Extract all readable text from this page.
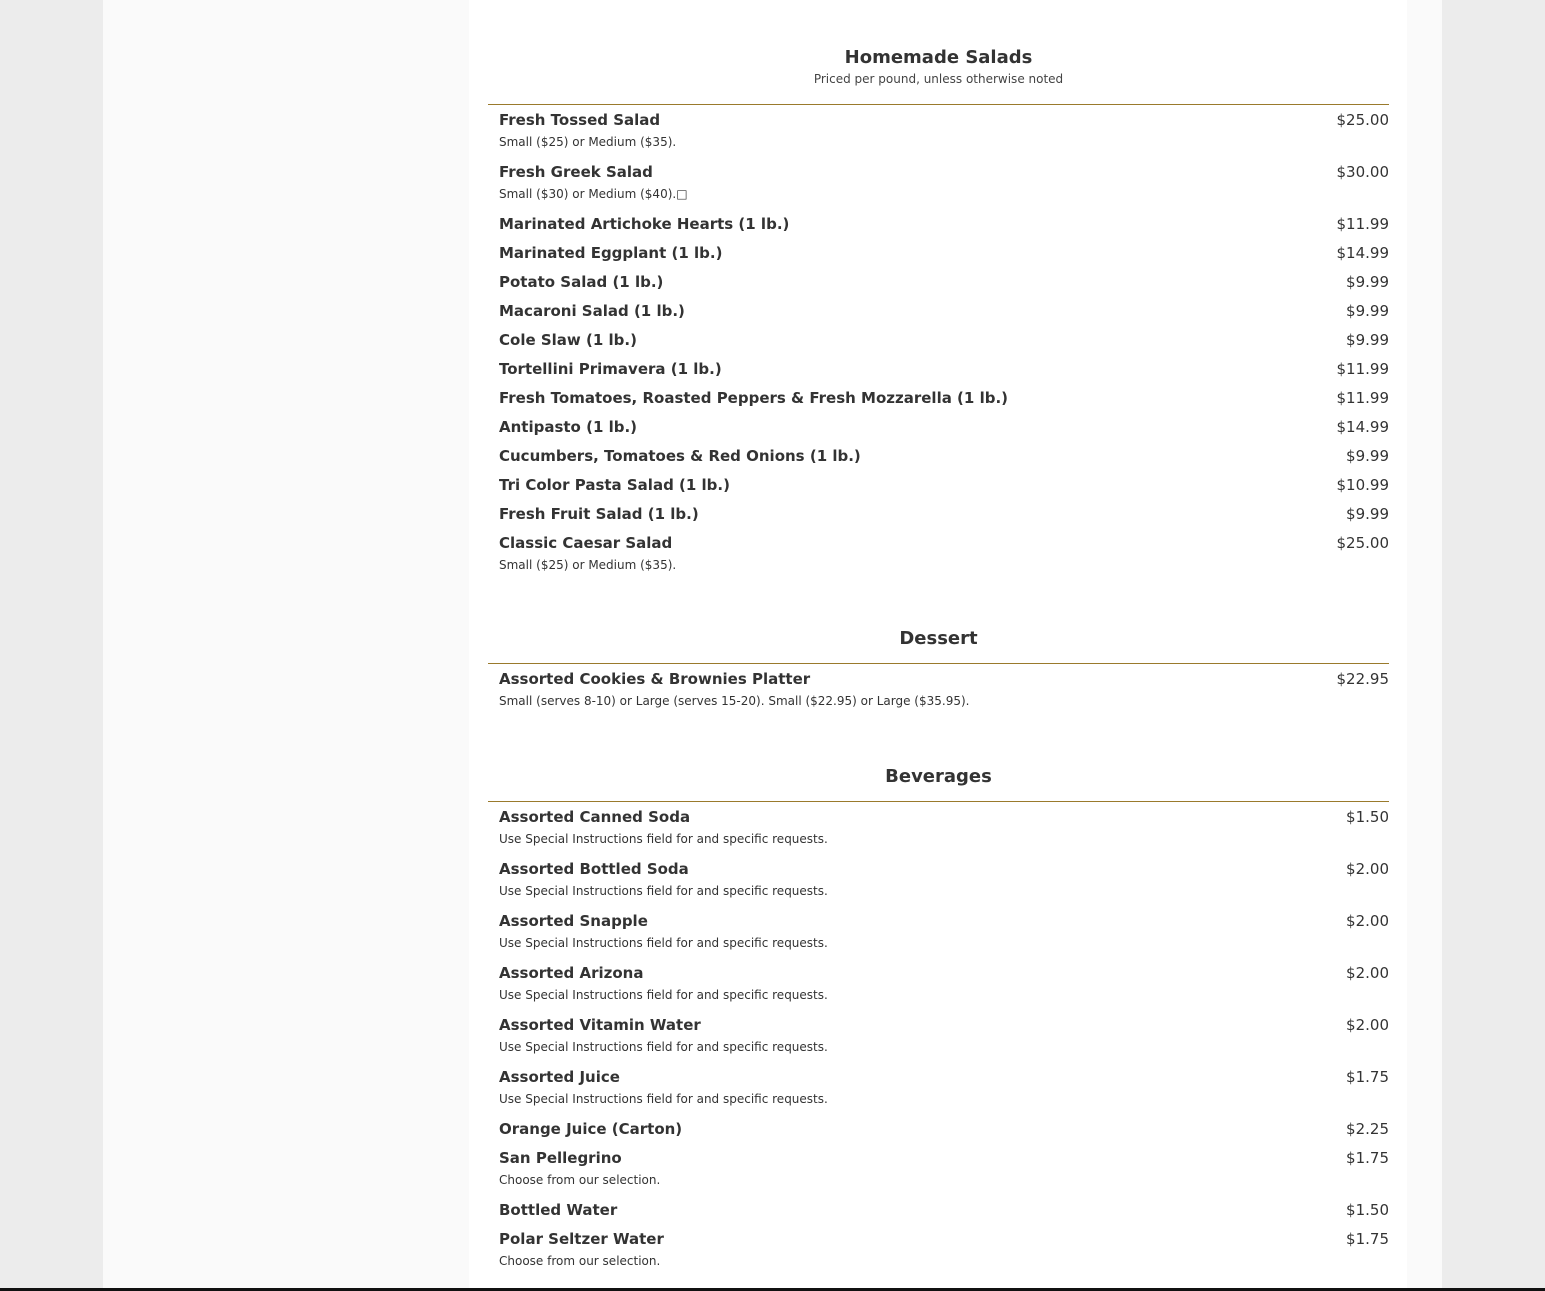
Homemade Salads

Priced per pound, unless otherwise noted

Fresh Tossed Salad	$25.00
Small ($25) or Medium ($35).
Fresh Greek Salad	$30.00
Small ($30) or Medium ($40).□
Marinated Artichoke Hearts (1 lb.)	$11.99
Marinated Eggplant (1 lb.)	$14.99
Potato Salad (1 lb.)	$9.99
Macaroni Salad (1 lb.)	$9.99
Cole Slaw (1 lb.)	$9.99
Tortellini Primavera (1 lb.)	$11.99
Fresh Tomatoes, Roasted Peppers & Fresh Mozzarella (1 lb.)	$11.99
Antipasto (1 lb.)	$14.99
Cucumbers, Tomatoes & Red Onions (1 lb.)	$9.99
Tri Color Pasta Salad (1 lb.)	$10.99
Fresh Fruit Salad (1 lb.)	$9.99
Classic Caesar Salad	$25.00
Small ($25) or Medium ($35).
Dessert
Assorted Cookies & Brownies Platter	$22.95
Small (serves 8-10) or Large (serves 15-20). Small ($22.95) or Large ($35.95).
Beverages
Assorted Canned Soda	$1.50
Use Special Instructions field for and specific requests.
Assorted Bottled Soda	$2.00
Use Special Instructions field for and specific requests.
Assorted Snapple	$2.00
Use Special Instructions field for and specific requests.
Assorted Arizona	$2.00
Use Special Instructions field for and specific requests.
Assorted Vitamin Water	$2.00
Use Special Instructions field for and specific requests.
Assorted Juice	$1.75
Use Special Instructions field for and specific requests.
Orange Juice (Carton)	$2.25
San Pellegrino	$1.75
Choose from our selection.
Bottled Water	$1.50
Polar Seltzer Water	$1.75
Choose from our selection.
